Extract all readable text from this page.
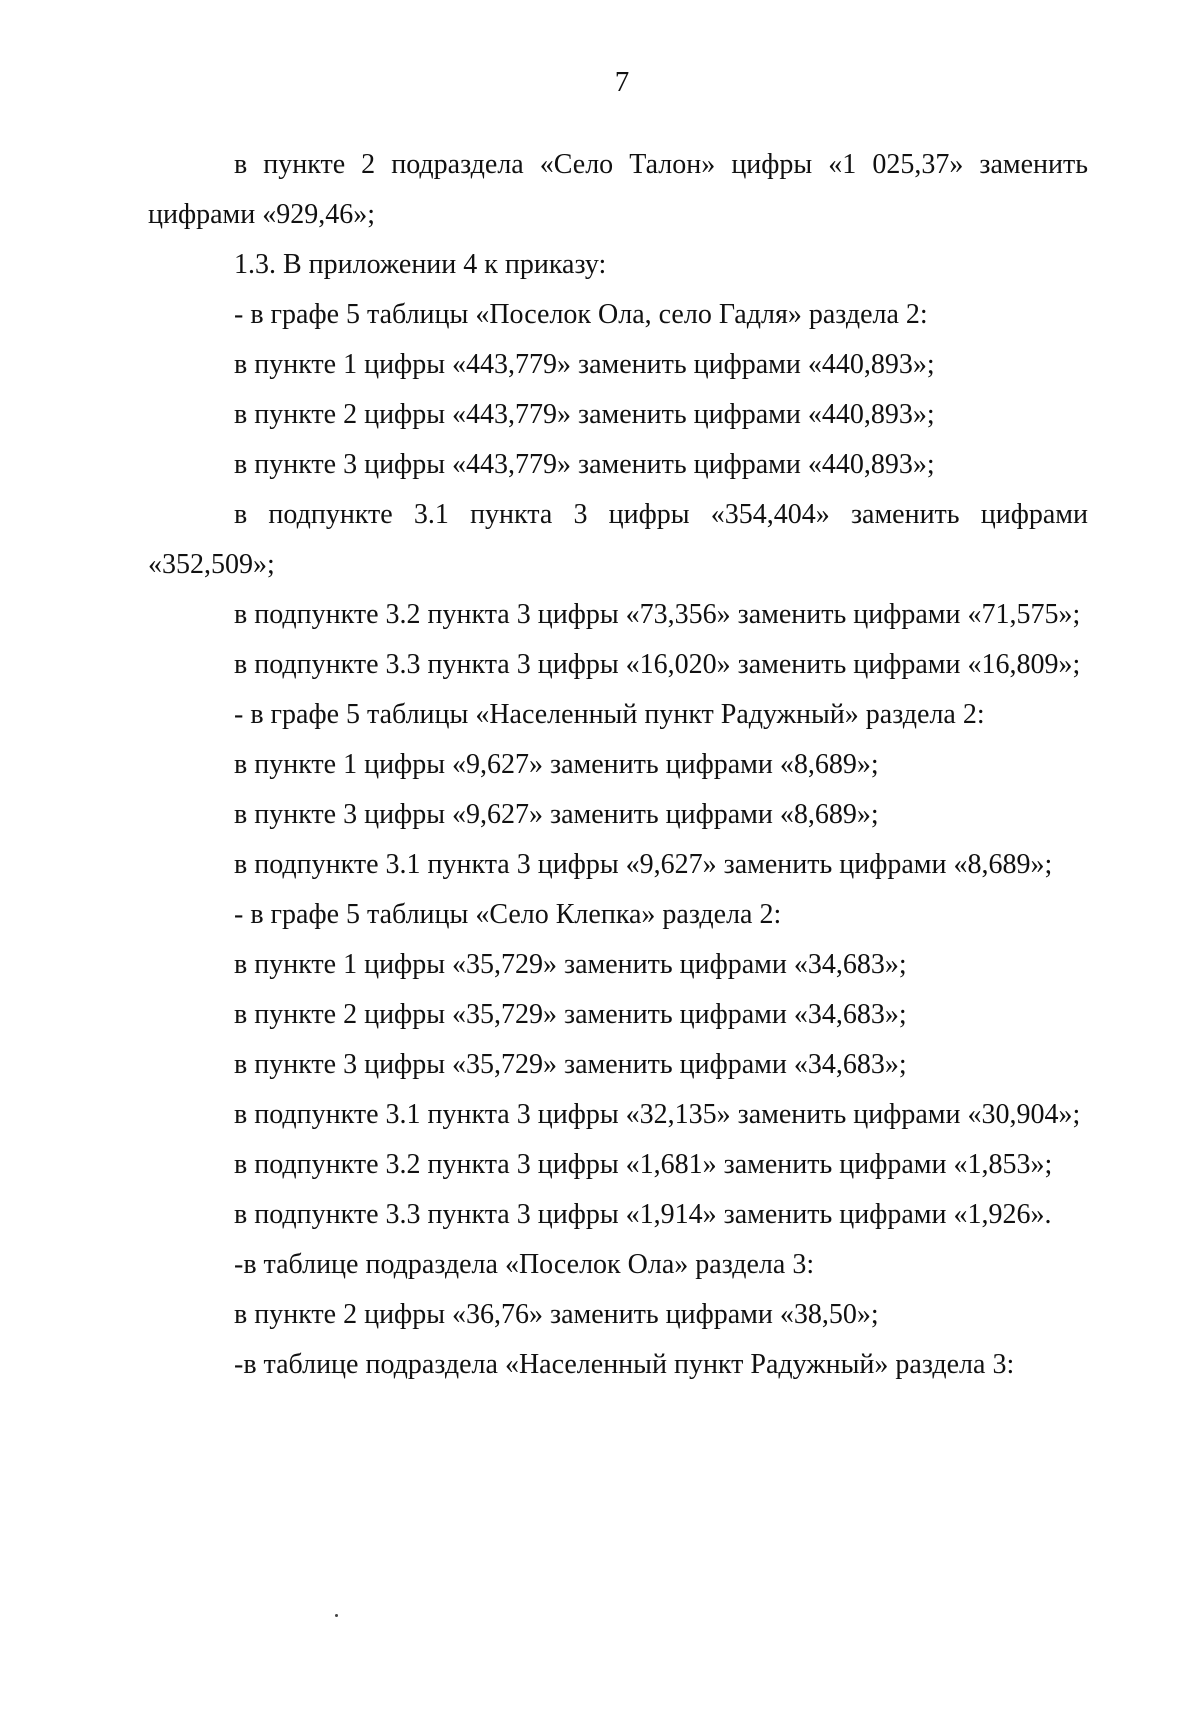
7

в пункте 2 подраздела «Село Талон» цифры «1 025,37» заменить цифрами «929,46»;

1.3. В приложении 4 к приказу:

- в графе 5 таблицы «Поселок Ола, село Гадля» раздела 2:

в пункте 1 цифры «443,779» заменить цифрами «440,893»;

в пункте 2 цифры «443,779» заменить цифрами «440,893»;

в пункте 3 цифры «443,779» заменить цифрами «440,893»;

в подпункте 3.1 пункта 3 цифры «354,404» заменить цифрами «352,509»;

в подпункте 3.2 пункта 3 цифры «73,356» заменить цифрами «71,575»;

в подпункте 3.3 пункта 3 цифры «16,020» заменить цифрами «16,809»;

- в графе 5 таблицы «Населенный пункт Радужный» раздела 2:

в пункте 1 цифры «9,627» заменить цифрами «8,689»;

в пункте 3 цифры «9,627» заменить цифрами «8,689»;

в подпункте 3.1 пункта 3 цифры «9,627» заменить цифрами «8,689»;

- в графе 5 таблицы «Село Клепка» раздела 2:

в пункте 1 цифры «35,729» заменить цифрами «34,683»;

в пункте 2 цифры «35,729» заменить цифрами «34,683»;

в пункте 3 цифры «35,729» заменить цифрами «34,683»;

в подпункте 3.1 пункта 3 цифры «32,135» заменить цифрами «30,904»;

в подпункте 3.2 пункта 3 цифры «1,681» заменить цифрами «1,853»;

в подпункте 3.3 пункта 3 цифры «1,914» заменить цифрами «1,926».

-в таблице подраздела «Поселок Ола» раздела 3:

в пункте 2 цифры «36,76» заменить цифрами «38,50»;

-в таблице подраздела «Населенный пункт Радужный» раздела 3:
